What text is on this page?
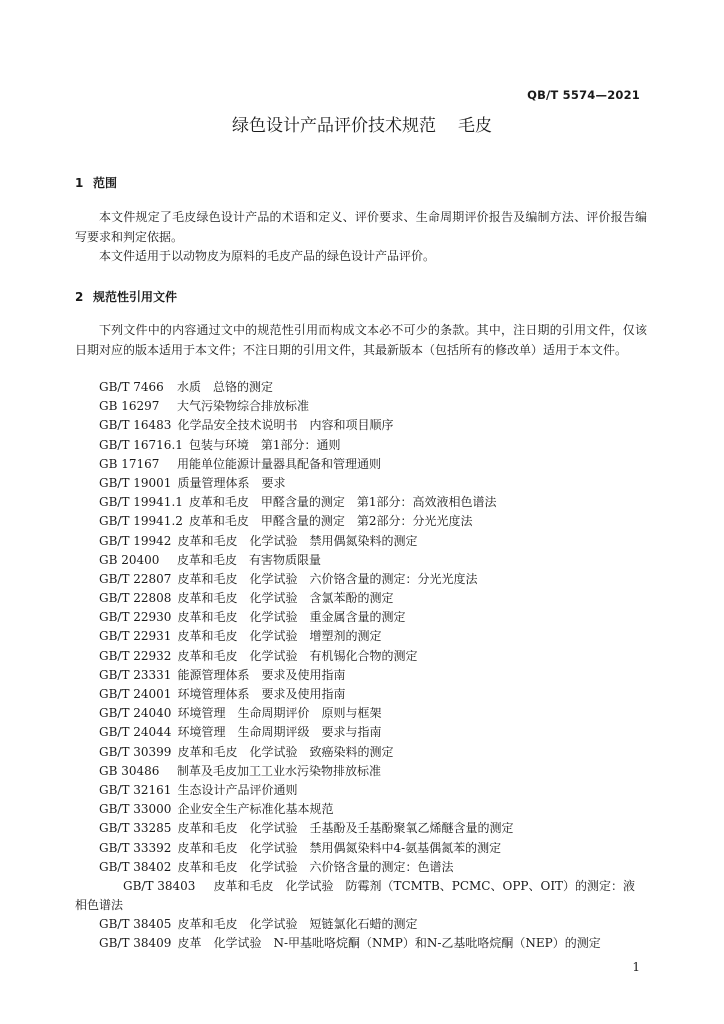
QB/T 5574—2021
绿色设计产品评价技术规范 毛皮
1 范围
本文件规定了毛皮绿色设计产品的术语和定义、评价要求、生命周期评价报告及编制方法、评价报告编写要求和判定依据。
本文件适用于以动物皮为原料的毛皮产品的绿色设计产品评价。
2 规范性引用文件
下列文件中的内容通过文中的规范性引用而构成文本必不可少的条款。其中，注日期的引用文件，仅该日期对应的版本适用于本文件；不注日期的引用文件，其最新版本（包括所有的修改单）适用于本文件。
GB/T 7466 水质　总铬的测定
GB 16297 大气污染物综合排放标准
GB/T 16483 化学品安全技术说明书　内容和项目顺序
GB/T 16716.1 包装与环境　第1部分：通则
GB 17167 用能单位能源计量器具配备和管理通则
GB/T 19001 质量管理体系　要求
GB/T 19941.1 皮革和毛皮　甲醛含量的测定　第1部分：高效液相色谱法
GB/T 19941.2 皮革和毛皮　甲醛含量的测定　第2部分：分光光度法
GB/T 19942 皮革和毛皮　化学试验　禁用偶氮染料的测定
GB 20400 皮革和毛皮　有害物质限量
GB/T 22807 皮革和毛皮　化学试验　六价铬含量的测定：分光光度法
GB/T 22808 皮革和毛皮　化学试验　含氯苯酚的测定
GB/T 22930 皮革和毛皮　化学试验　重金属含量的测定
GB/T 22931 皮革和毛皮　化学试验　增塑剂的测定
GB/T 22932 皮革和毛皮　化学试验　有机锡化合物的测定
GB/T 23331 能源管理体系　要求及使用指南
GB/T 24001 环境管理体系　要求及使用指南
GB/T 24040 环境管理　生命周期评价　原则与框架
GB/T 24044 环境管理　生命周期评级　要求与指南
GB/T 30399 皮革和毛皮　化学试验　致癌染料的测定
GB 30486 制革及毛皮加工工业水污染物排放标准
GB/T 32161 生态设计产品评价通则
GB/T 33000 企业安全生产标准化基本规范
GB/T 33285 皮革和毛皮　化学试验　壬基酚及壬基酚聚氧乙烯醚含量的测定
GB/T 33392 皮革和毛皮　化学试验　禁用偶氮染料中4-氨基偶氮苯的测定
GB/T 38402 皮革和毛皮　化学试验　六价铬含量的测定：色谱法
GB/T 38403　 皮革和毛皮　化学试验　防霉剂（TCMTB、PCMC、OPP、OIT）的测定：液相色谱法
GB/T 38405 皮革和毛皮　化学试验　短链氯化石蜡的测定
GB/T 38409 皮革　化学试验　N-甲基吡咯烷酮（NMP）和N-乙基吡咯烷酮（NEP）的测定
1
